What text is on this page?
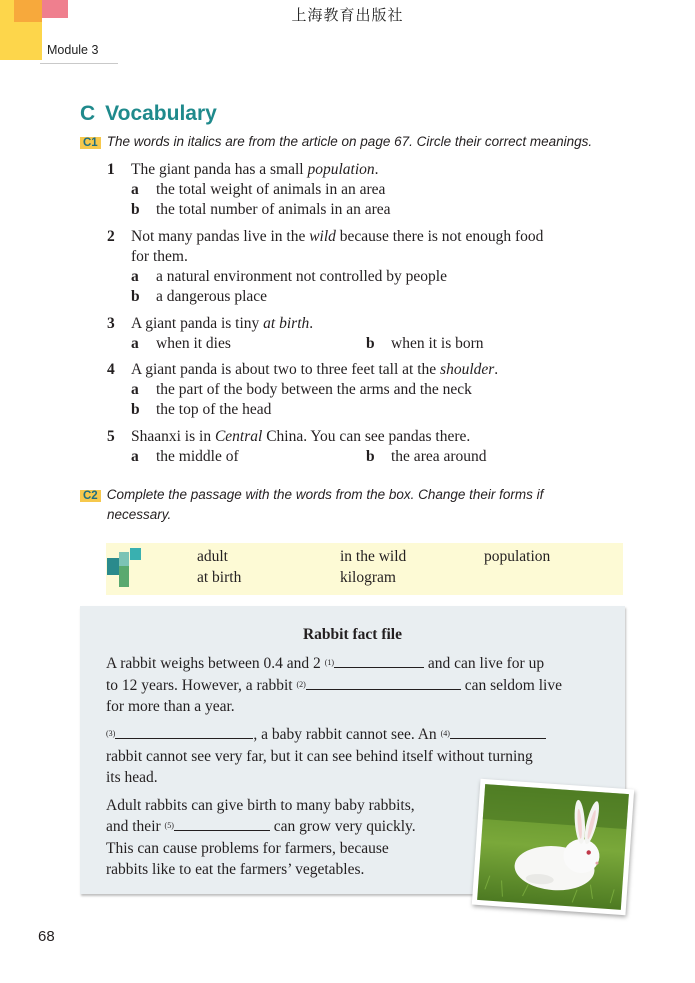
上海教育出版社
Module 3
C Vocabulary
C1 The words in italics are from the article on page 67. Circle their correct meanings.
1 The giant panda has a small population.
a the total weight of animals in an area
b the total number of animals in an area
2 Not many pandas live in the wild because there is not enough food
for them.
a a natural environment not controlled by people
b a dangerous place
3 A giant panda is tiny at birth.
a when it dies	b when it is born
4 A giant panda is about two to three feet tall at the shoulder.
a the part of the body between the arms and the neck
b the top of the head
5 Shaanxi is in Central China. You can see pandas there.
a the middle of	b the area around
C2 Complete the passage with the words from the box. Change their forms if
necessary.
adult	in the wild	population
at birth	kilogram
Rabbit fact file
A rabbit weighs between 0.4 and 2 $^{(1)}$	and can live for up
to 12 years. However, a rabbit $^{(2)}$	can seldom live
for more than a year.
$^{(3)}$	, a baby rabbit cannot see. An $^{(4)}$
rabbit cannot see very far, but it can see behind itself without turning
its head.
Adult rabbits can give birth to many baby rabbits,
and their $^{(5)}$	can grow very quickly.
This can cause problems for farmers, because
rabbits like to eat the farmers’ vegetables.
68
